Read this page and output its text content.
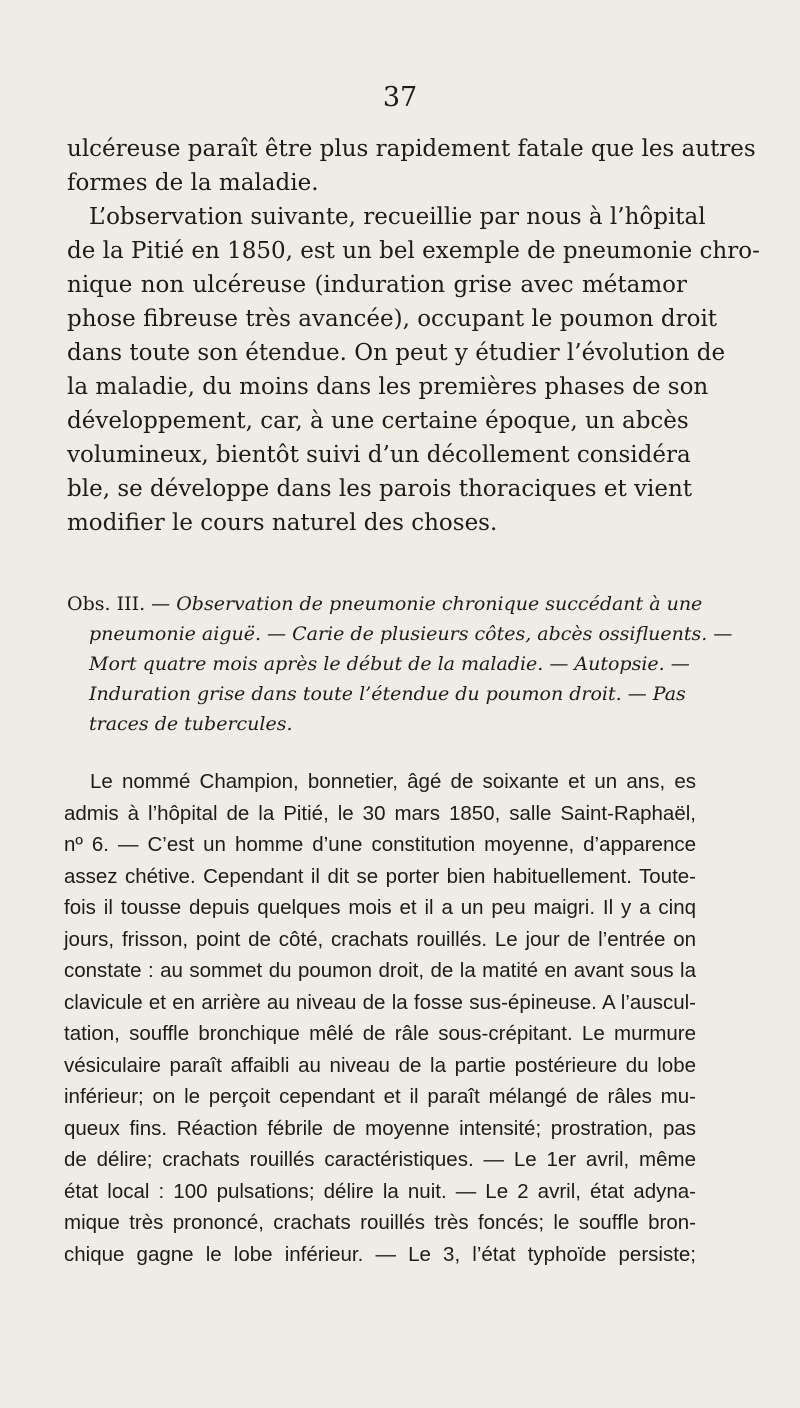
37

ulcéreuse paraît être plus rapidement fatale que les autres
formes de la maladie.

L’observation suivante, recueillie par nous à l’hôpital
de la Pitié en 1850, est un bel exemple de pneumonie chro-
nique non ulcéreuse (induration grise avec métamor
phose fibreuse très avancée), occupant le poumon droit
dans toute son étendue. On peut y étudier l’évolution de
la maladie, du moins dans les premières phases de son
développement, car, à une certaine époque, un abcès
volumineux, bientôt suivi d’un décollement considéra
ble, se développe dans les parois thoraciques et vient
modifier le cours naturel des choses.

Obs. III. — Observation de pneumonie chronique succédant à une
pneumonie aiguë. — Carie de plusieurs côtes, abcès ossifluents. —
Mort quatre mois après le début de la maladie. — Autopsie. —
Induration grise dans toute l’étendue du poumon droit. — Pas
traces de tubercules.
Le nommé Champion, bonnetier, âgé de soixante et un ans, es
admis à l’hôpital de la Pitié, le 30 mars 1850, salle Saint-Raphaël,
nº 6. — C’est un homme d’une constitution moyenne, d’apparence
assez chétive. Cependant il dit se porter bien habituellement. Toute-
fois il tousse depuis quelques mois et il a un peu maigri. Il y a cinq
jours, frisson, point de côté, crachats rouillés. Le jour de l’entrée on
constate : au sommet du poumon droit, de la matité en avant sous la
clavicule et en arrière au niveau de la fosse sus-épineuse. A l’auscul-
tation, souffle bronchique mêlé de râle sous-crépitant. Le murmure
vésiculaire paraît affaibli au niveau de la partie postérieure du lobe
inférieur; on le perçoit cependant et il paraît mélangé de râles mu-
queux fins. Réaction fébrile de moyenne intensité; prostration, pas
de délire; crachats rouillés caractéristiques. — Le 1er avril, même
état local : 100 pulsations; délire la nuit. — Le 2 avril, état adyna-
mique très prononcé, crachats rouillés très foncés; le souffle bron-
chique gagne le lobe inférieur. — Le 3, l’état typhoïde persiste;
